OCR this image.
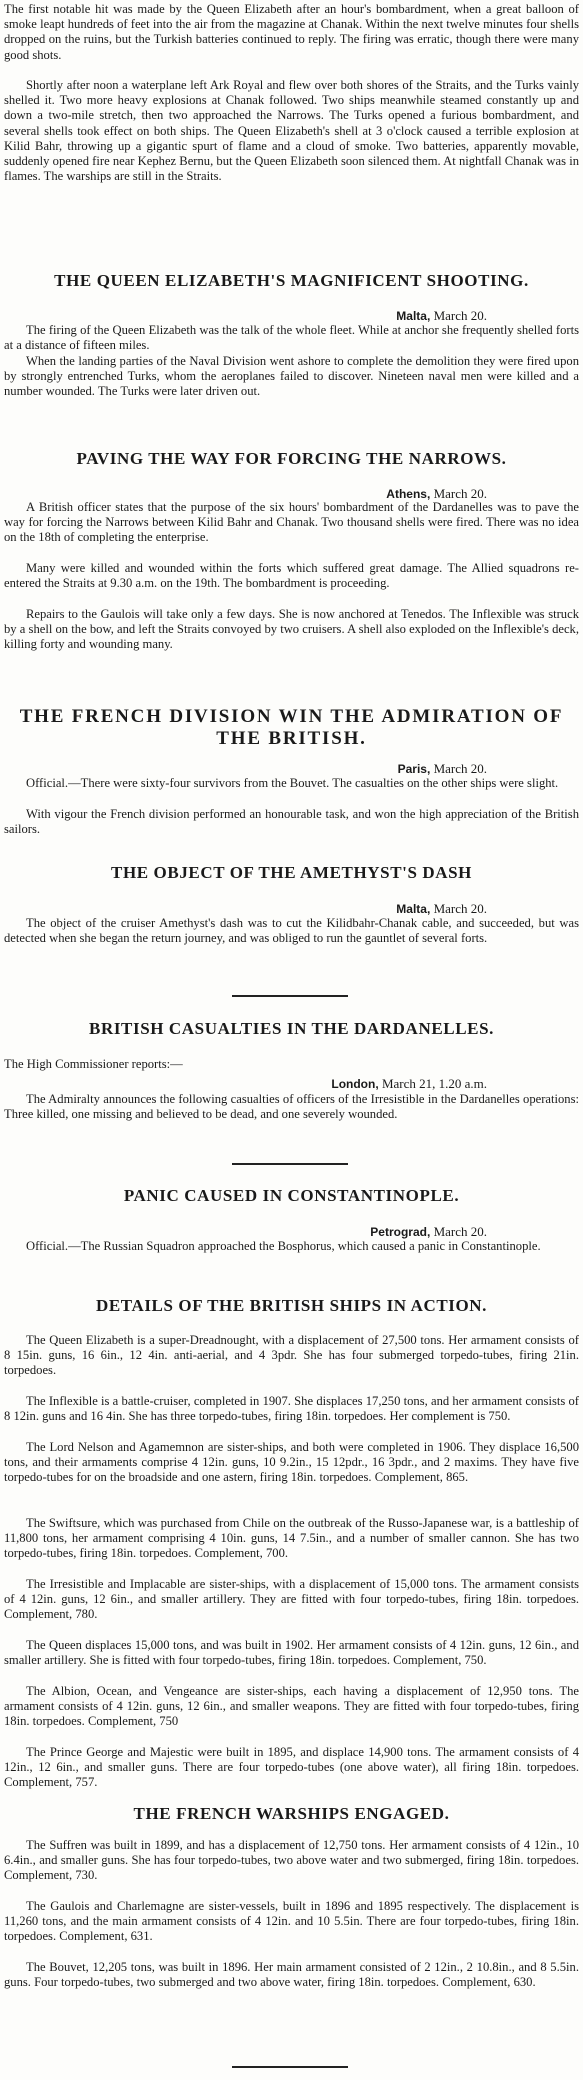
The first notable hit was made by the Queen Elizabeth after an hour's bombardment, when a great balloon of smoke leapt hundreds of feet into the air from the magazine at Chanak. Within the next twelve minutes four shells dropped on the ruins, but the Turkish batteries continued to reply. The firing was erratic, though there were many good shots.

Shortly after noon a waterplane left Ark Royal and flew over both shores of the Straits, and the Turks vainly shelled it. Two more heavy explosions at Chanak followed. Two ships meanwhile steamed constantly up and down a two-mile stretch, then two approached the Narrows. The Turks opened a furious bombardment, and several shells took effect on both ships. The Queen Elizabeth's shell at 3 o'clock caused a terrible explosion at Kilid Bahr, throwing up a gigantic spurt of flame and a cloud of smoke. Two batteries, apparently movable, suddenly opened fire near Kephez Bernu, but the Queen Elizabeth soon silenced them. At nightfall Chanak was in flames. The warships are still in the Straits.

THE QUEEN ELIZABETH'S MAGNIFICENT SHOOTING.

Malta, March 20.

The firing of the Queen Elizabeth was the talk of the whole fleet. While at anchor she frequently shelled forts at a distance of fifteen miles.

When the landing parties of the Naval Division went ashore to complete the demolition they were fired upon by strongly entrenched Turks, whom the aeroplanes failed to discover. Nineteen naval men were killed and a number wounded. The Turks were later driven out.

PAVING THE WAY FOR FORCING THE NARROWS.

Athens, March 20.

A British officer states that the purpose of the six hours' bombardment of the Dardanelles was to pave the way for forcing the Narrows between Kilid Bahr and Chanak. Two thousand shells were fired. There was no idea on the 18th of completing the enterprise.

Many were killed and wounded within the forts which suffered great damage. The Allied squadrons re-entered the Straits at 9.30 a.m. on the 19th. The bombardment is proceeding.

Repairs to the Gaulois will take only a few days. She is now anchored at Tenedos. The Inflexible was struck by a shell on the bow, and left the Straits convoyed by two cruisers. A shell also exploded on the Inflexible's deck, killing forty and wounding many.

THE FRENCH DIVISION WIN THE ADMIRATION OF THE BRITISH.

Paris, March 20.

Official.—There were sixty-four survivors from the Bouvet. The casualties on the other ships were slight.

With vigour the French division performed an honourable task, and won the high appreciation of the British sailors.

THE OBJECT OF THE AMETHYST'S DASH

Malta, March 20.

The object of the cruiser Amethyst's dash was to cut the Kilidbahr-Chanak cable, and succeeded, but was detected when she began the return journey, and was obliged to run the gauntlet of several forts.

BRITISH CASUALTIES IN THE DARDANELLES.

The High Commissioner reports:—

London, March 21, 1.20 a.m.

The Admiralty announces the following casualties of officers of the Irresistible in the Dardanelles operations: Three killed, one missing and believed to be dead, and one severely wounded.

PANIC CAUSED IN CONSTANTINOPLE.

Petrograd, March 20.

Official.—The Russian Squadron approached the Bosphorus, which caused a panic in Constantinople.

DETAILS OF THE BRITISH SHIPS IN ACTION.

The Queen Elizabeth is a super-Dreadnought, with a displacement of 27,500 tons. Her armament consists of 8 15in. guns, 16 6in., 12 4in. anti-aerial, and 4 3pdr. She has four submerged torpedo-tubes, firing 21in. torpedoes.

The Inflexible is a battle-cruiser, completed in 1907. She displaces 17,250 tons, and her armament consists of 8 12in. guns and 16 4in. She has three torpedo-tubes, firing 18in. torpedoes. Her complement is 750.

The Lord Nelson and Agamemnon are sister-ships, and both were completed in 1906. They displace 16,500 tons, and their armaments comprise 4 12in. guns, 10 9.2in., 15 12pdr., 16 3pdr., and 2 maxims. They have five torpedo-tubes for on the broadside and one astern, firing 18in. torpedoes. Complement, 865.

The Swiftsure, which was purchased from Chile on the outbreak of the Russo-Japanese war, is a battleship of 11,800 tons, her armament comprising 4 10in. guns, 14 7.5in., and a number of smaller cannon. She has two torpedo-tubes, firing 18in. torpedoes. Complement, 700.

The Irresistible and Implacable are sister-ships, with a displacement of 15,000 tons. The armament consists of 4 12in. guns, 12 6in., and smaller artillery. They are fitted with four torpedo-tubes, firing 18in. torpedoes. Complement, 780.

The Queen displaces 15,000 tons, and was built in 1902. Her armament consists of 4 12in. guns, 12 6in., and smaller artillery. She is fitted with four torpedo-tubes, firing 18in. torpedoes. Complement, 750.

The Albion, Ocean, and Vengeance are sister-ships, each having a displacement of 12,950 tons. The armament consists of 4 12in. guns, 12 6in., and smaller weapons. They are fitted with four torpedo-tubes, firing 18in. torpedoes. Complement, 750

The Prince George and Majestic were built in 1895, and displace 14,900 tons. The armament consists of 4 12in., 12 6in., and smaller guns. There are four torpedo-tubes (one above water), all firing 18in. torpedoes. Complement, 757.

THE FRENCH WARSHIPS ENGAGED.

The Suffren was built in 1899, and has a displacement of 12,750 tons. Her armament consists of 4 12in., 10 6.4in., and smaller guns. She has four torpedo-tubes, two above water and two submerged, firing 18in. torpedoes. Complement, 730.

The Gaulois and Charlemagne are sister-vessels, built in 1896 and 1895 respectively. The displacement is 11,260 tons, and the main armament consists of 4 12in. and 10 5.5in. There are four torpedo-tubes, firing 18in. torpedoes. Complement, 631.

The Bouvet, 12,205 tons, was built in 1896. Her main armament consisted of 2 12in., 2 10.8in., and 8 5.5in. guns. Four torpedo-tubes, two submerged and two above water, firing 18in. torpedoes. Complement, 630.
